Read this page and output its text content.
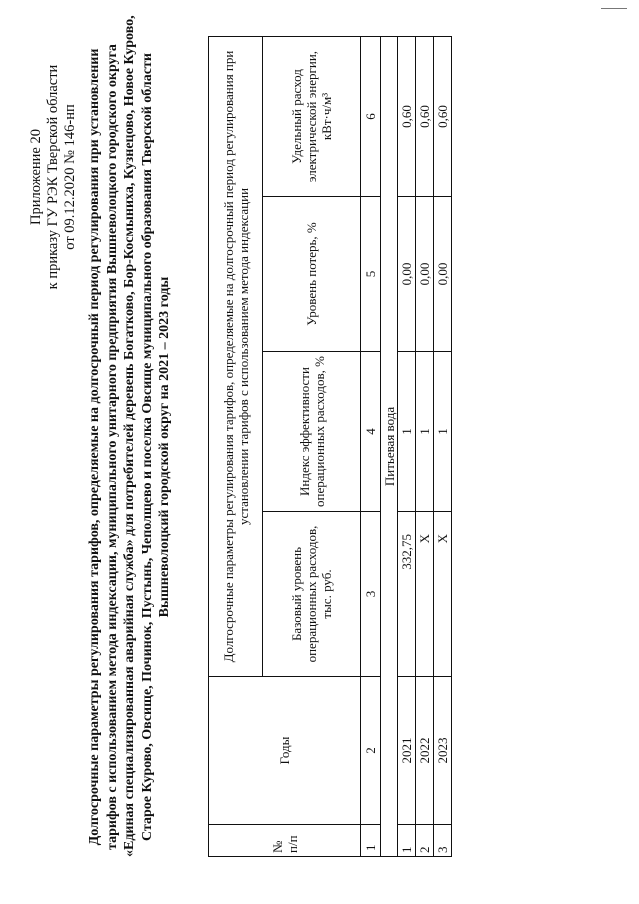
Приложение 20 к приказу ГУ РЭК Тверской области от 09.12.2020 № 146-нп Долгосрочные параметры регулирования тарифов, определяемые на долгосрочный период регулирования при установлении тарифов с использованием метода индексации, муниципального унитарного предприятия Вышневолоцкого городского округа «Единая специализированная аварийная служба» для потребителей деревень Богатково, Бор-Космыниха, Кузнецово, Новое Курово, Старое Курово, Овсище, Починок, Пустынь, Чеполщево и поселка Овсище муниципального образования Тверской области Вышневолоцкий городской округ на 2021 – 2023 годы
№ п/п	Годы	Долгосрочные параметры регулирования тарифов, определяемые на долгосрочный период регулирования при установлении тарифов с использованием метода индексации			
		Базовый уровень операционных расходов, тыс. руб.	Индекс эффективности операционных расходов, %	Уровень потерь, %	Удельный расход электрической энергии, кВт·ч/м³

1	2	3	4	5	6
Питьевая вода					
1	2021	332,75	1	0,00	0,60
2	2022	Х	1	0,00	0,60
3	2023	Х	1	0,00	0,60
